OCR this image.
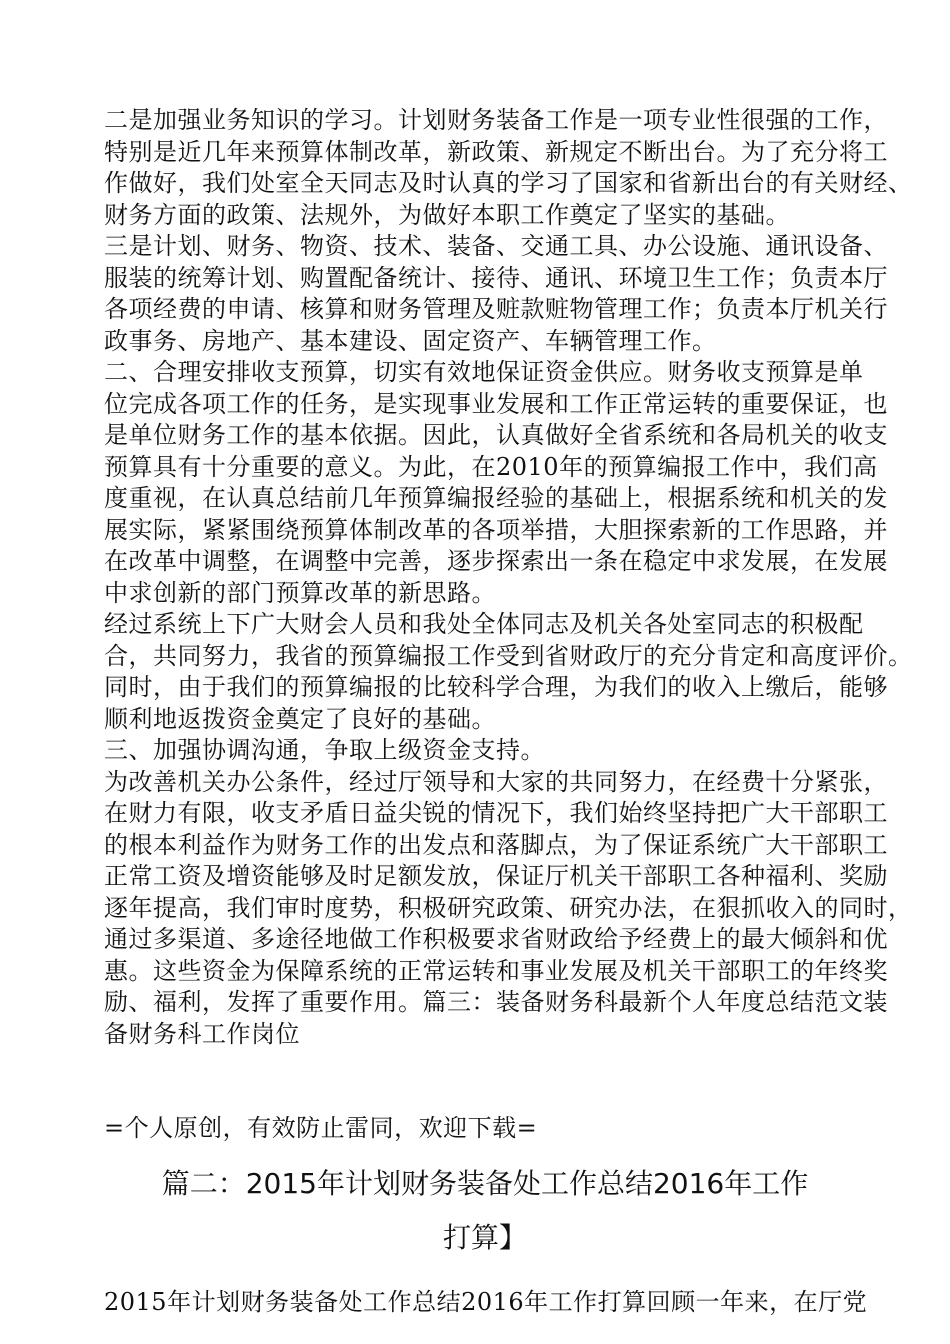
二是加强业务知识的学习。计划财务装备工作是一项专业性很强的工作，
特别是近几年来预算体制改革，新政策、新规定不断出台。为了充分将工
作做好，我们处室全天同志及时认真的学习了国家和省新出台的有关财经、
财务方面的政策、法规外，为做好本职工作奠定了坚实的基础。
三是计划、财务、物资、技术、装备、交通工具、办公设施、通讯设备、
服装的统筹计划、购置配备统计、接待、通讯、环境卫生工作；负责本厅
各项经费的申请、核算和财务管理及赃款赃物管理工作；负责本厅机关行
政事务、房地产、基本建设、固定资产、车辆管理工作。
二、合理安排收支预算，切实有效地保证资金供应。财务收支预算是单
位完成各项工作的任务，是实现事业发展和工作正常运转的重要保证，也
是单位财务工作的基本依据。因此，认真做好全省系统和各局机关的收支
预算具有十分重要的意义。为此，在2010年的预算编报工作中，我们高
度重视，在认真总结前几年预算编报经验的基础上，根据系统和机关的发
展实际，紧紧围绕预算体制改革的各项举措，大胆探索新的工作思路，并
在改革中调整，在调整中完善，逐步探索出一条在稳定中求发展，在发展
中求创新的部门预算改革的新思路。
经过系统上下广大财会人员和我处全体同志及机关各处室同志的积极配
合，共同努力，我省的预算编报工作受到省财政厅的充分肯定和高度评价。
同时，由于我们的预算编报的比较科学合理，为我们的收入上缴后，能够
顺利地返拨资金奠定了良好的基础。
三、加强协调沟通，争取上级资金支持。
为改善机关办公条件，经过厅领导和大家的共同努力，在经费十分紧张，
在财力有限，收支矛盾日益尖锐的情况下，我们始终坚持把广大干部职工
的根本利益作为财务工作的出发点和落脚点，为了保证系统广大干部职工
正常工资及增资能够及时足额发放，保证厅机关干部职工各种福利、奖励
逐年提高，我们审时度势，积极研究政策、研究办法，在狠抓收入的同时，
通过多渠道、多途径地做工作积极要求省财政给予经费上的最大倾斜和优
惠。这些资金为保障系统的正常运转和事业发展及机关干部职工的年终奖
励、福利，发挥了重要作用。篇三：装备财务科最新个人年度总结范文装
备财务科工作岗位
=个人原创，有效防止雷同，欢迎下载=
篇二：2015年计划财务装备处工作总结2016年工作
打算】
2015年计划财务装备处工作总结2016年工作打算回顾一年来，在厅党
